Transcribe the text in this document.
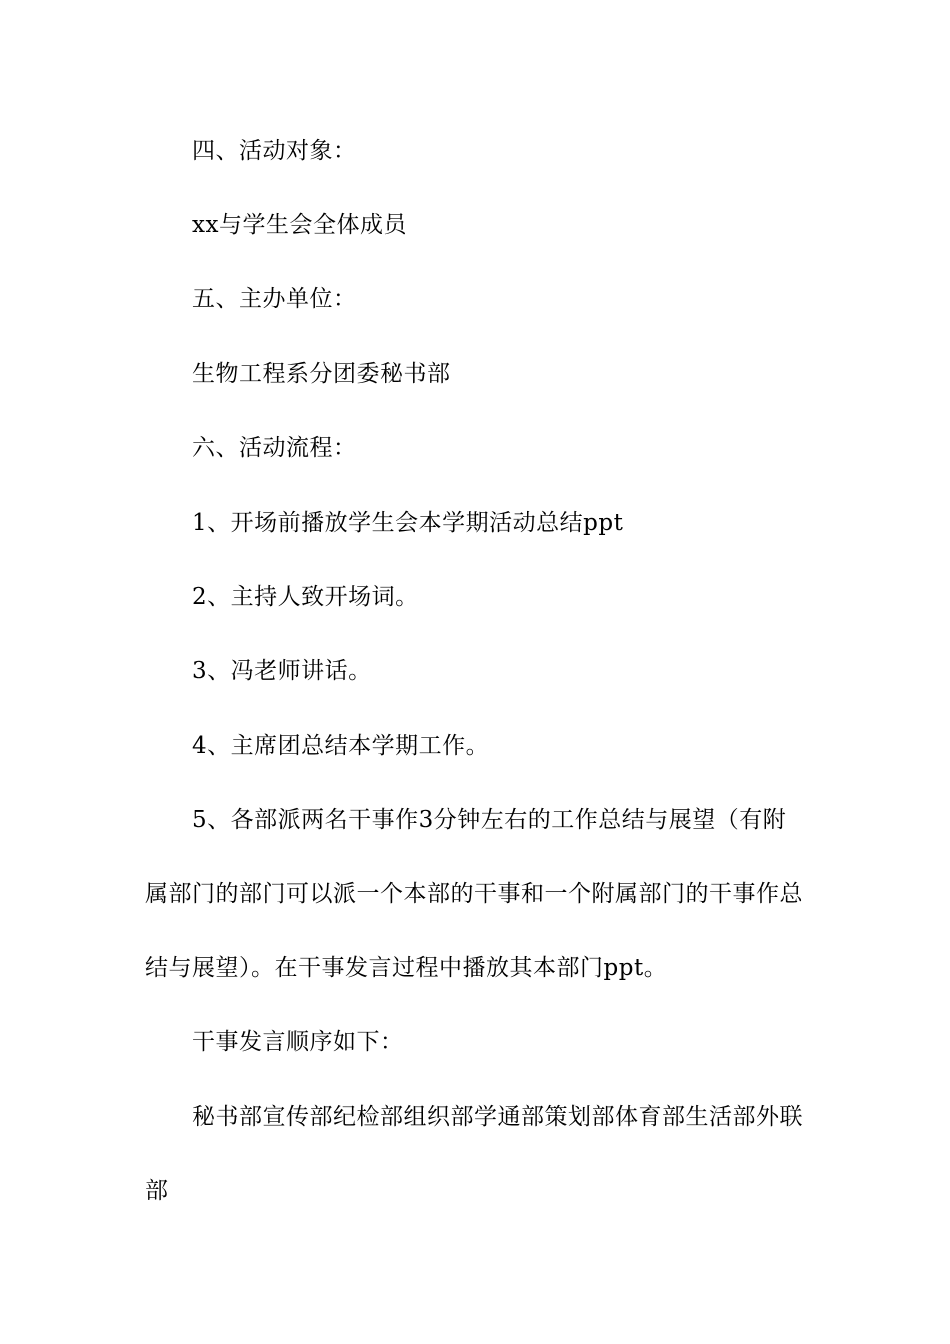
四、活动对象：

xx与学生会全体成员

五、主办单位：

生物工程系分团委秘书部

六、活动流程：

1、开场前播放学生会本学期活动总结ppt

2、主持人致开场词。

3、冯老师讲话。

4、主席团总结本学期工作。

5、各部派两名干事作3分钟左右的工作总结与展望（有附属部门的部门可以派一个本部的干事和一个附属部门的干事作总结与展望）。在干事发言过程中播放其本部门ppt。

干事发言顺序如下：

秘书部宣传部纪检部组织部学通部策划部体育部生活部外联部
